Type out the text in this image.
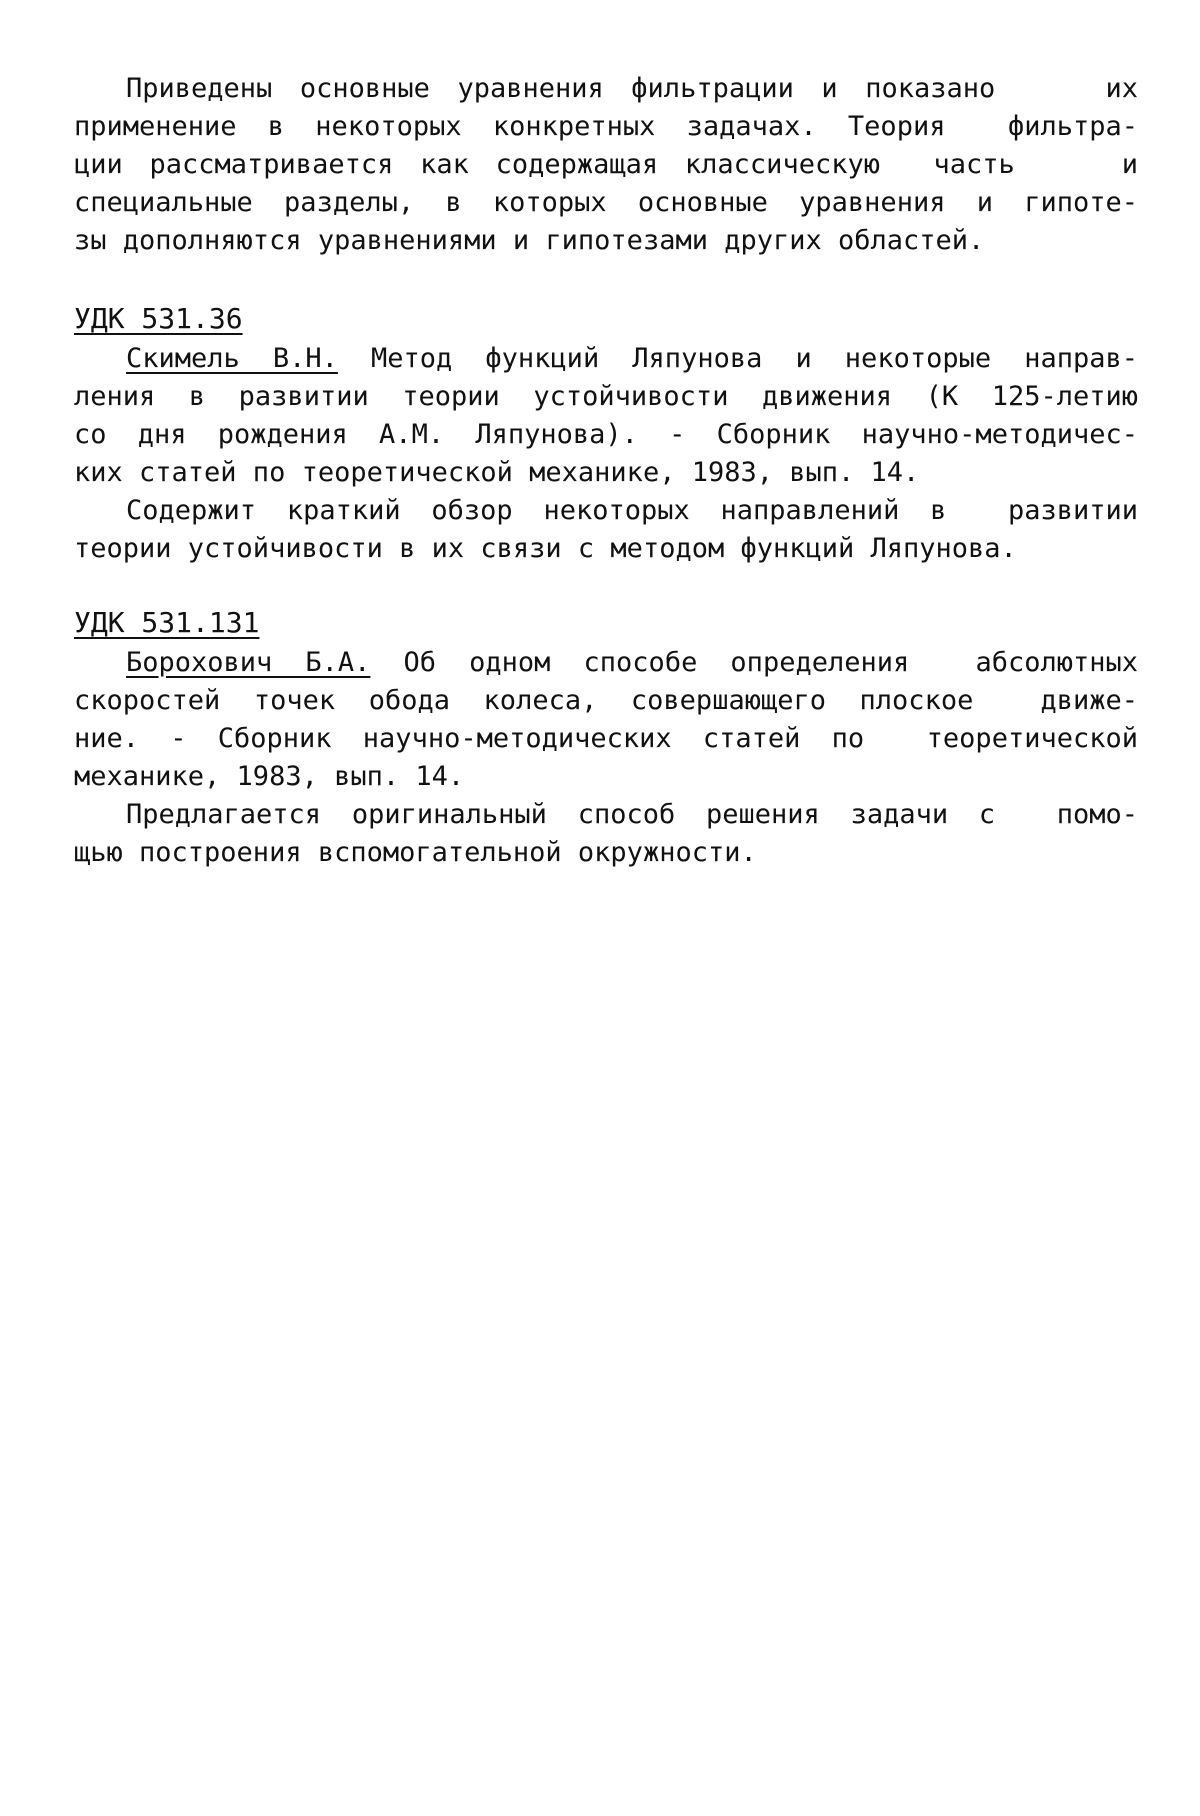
Приведены основные уравнения фильтрации и показано    их
применение в некоторых конкретных задачах. Теория  фильтра-
ции рассматривается как содержащая классическую  часть    и
специальные разделы, в которых основные уравнения и гипоте-
зы дополняются уравнениями и гипотезами других областей.
УДК 531.36
Скимель В.Н. Метод функций Ляпунова и некоторые направ-
ления в развитии теории устойчивости движения (К 125-летию
со дня рождения А.М. Ляпунова). - Сборник научно-методичес-
ких статей по теоретической механике, 1983, вып. 14.
Содержит краткий обзор некоторых направлений в  развитии
теории устойчивости в их связи с методом функций Ляпунова.
УДК 531.131
Борохович Б.А. Об одном способе определения  абсолютных
скоростей точек обода колеса, совершающего плоское  движе-
ние. - Сборник научно-методических статей по  теоретической
механике, 1983, вып. 14.
Предлагается оригинальный способ решения задачи с  помо-
щью построения вспомогательной окружности.
